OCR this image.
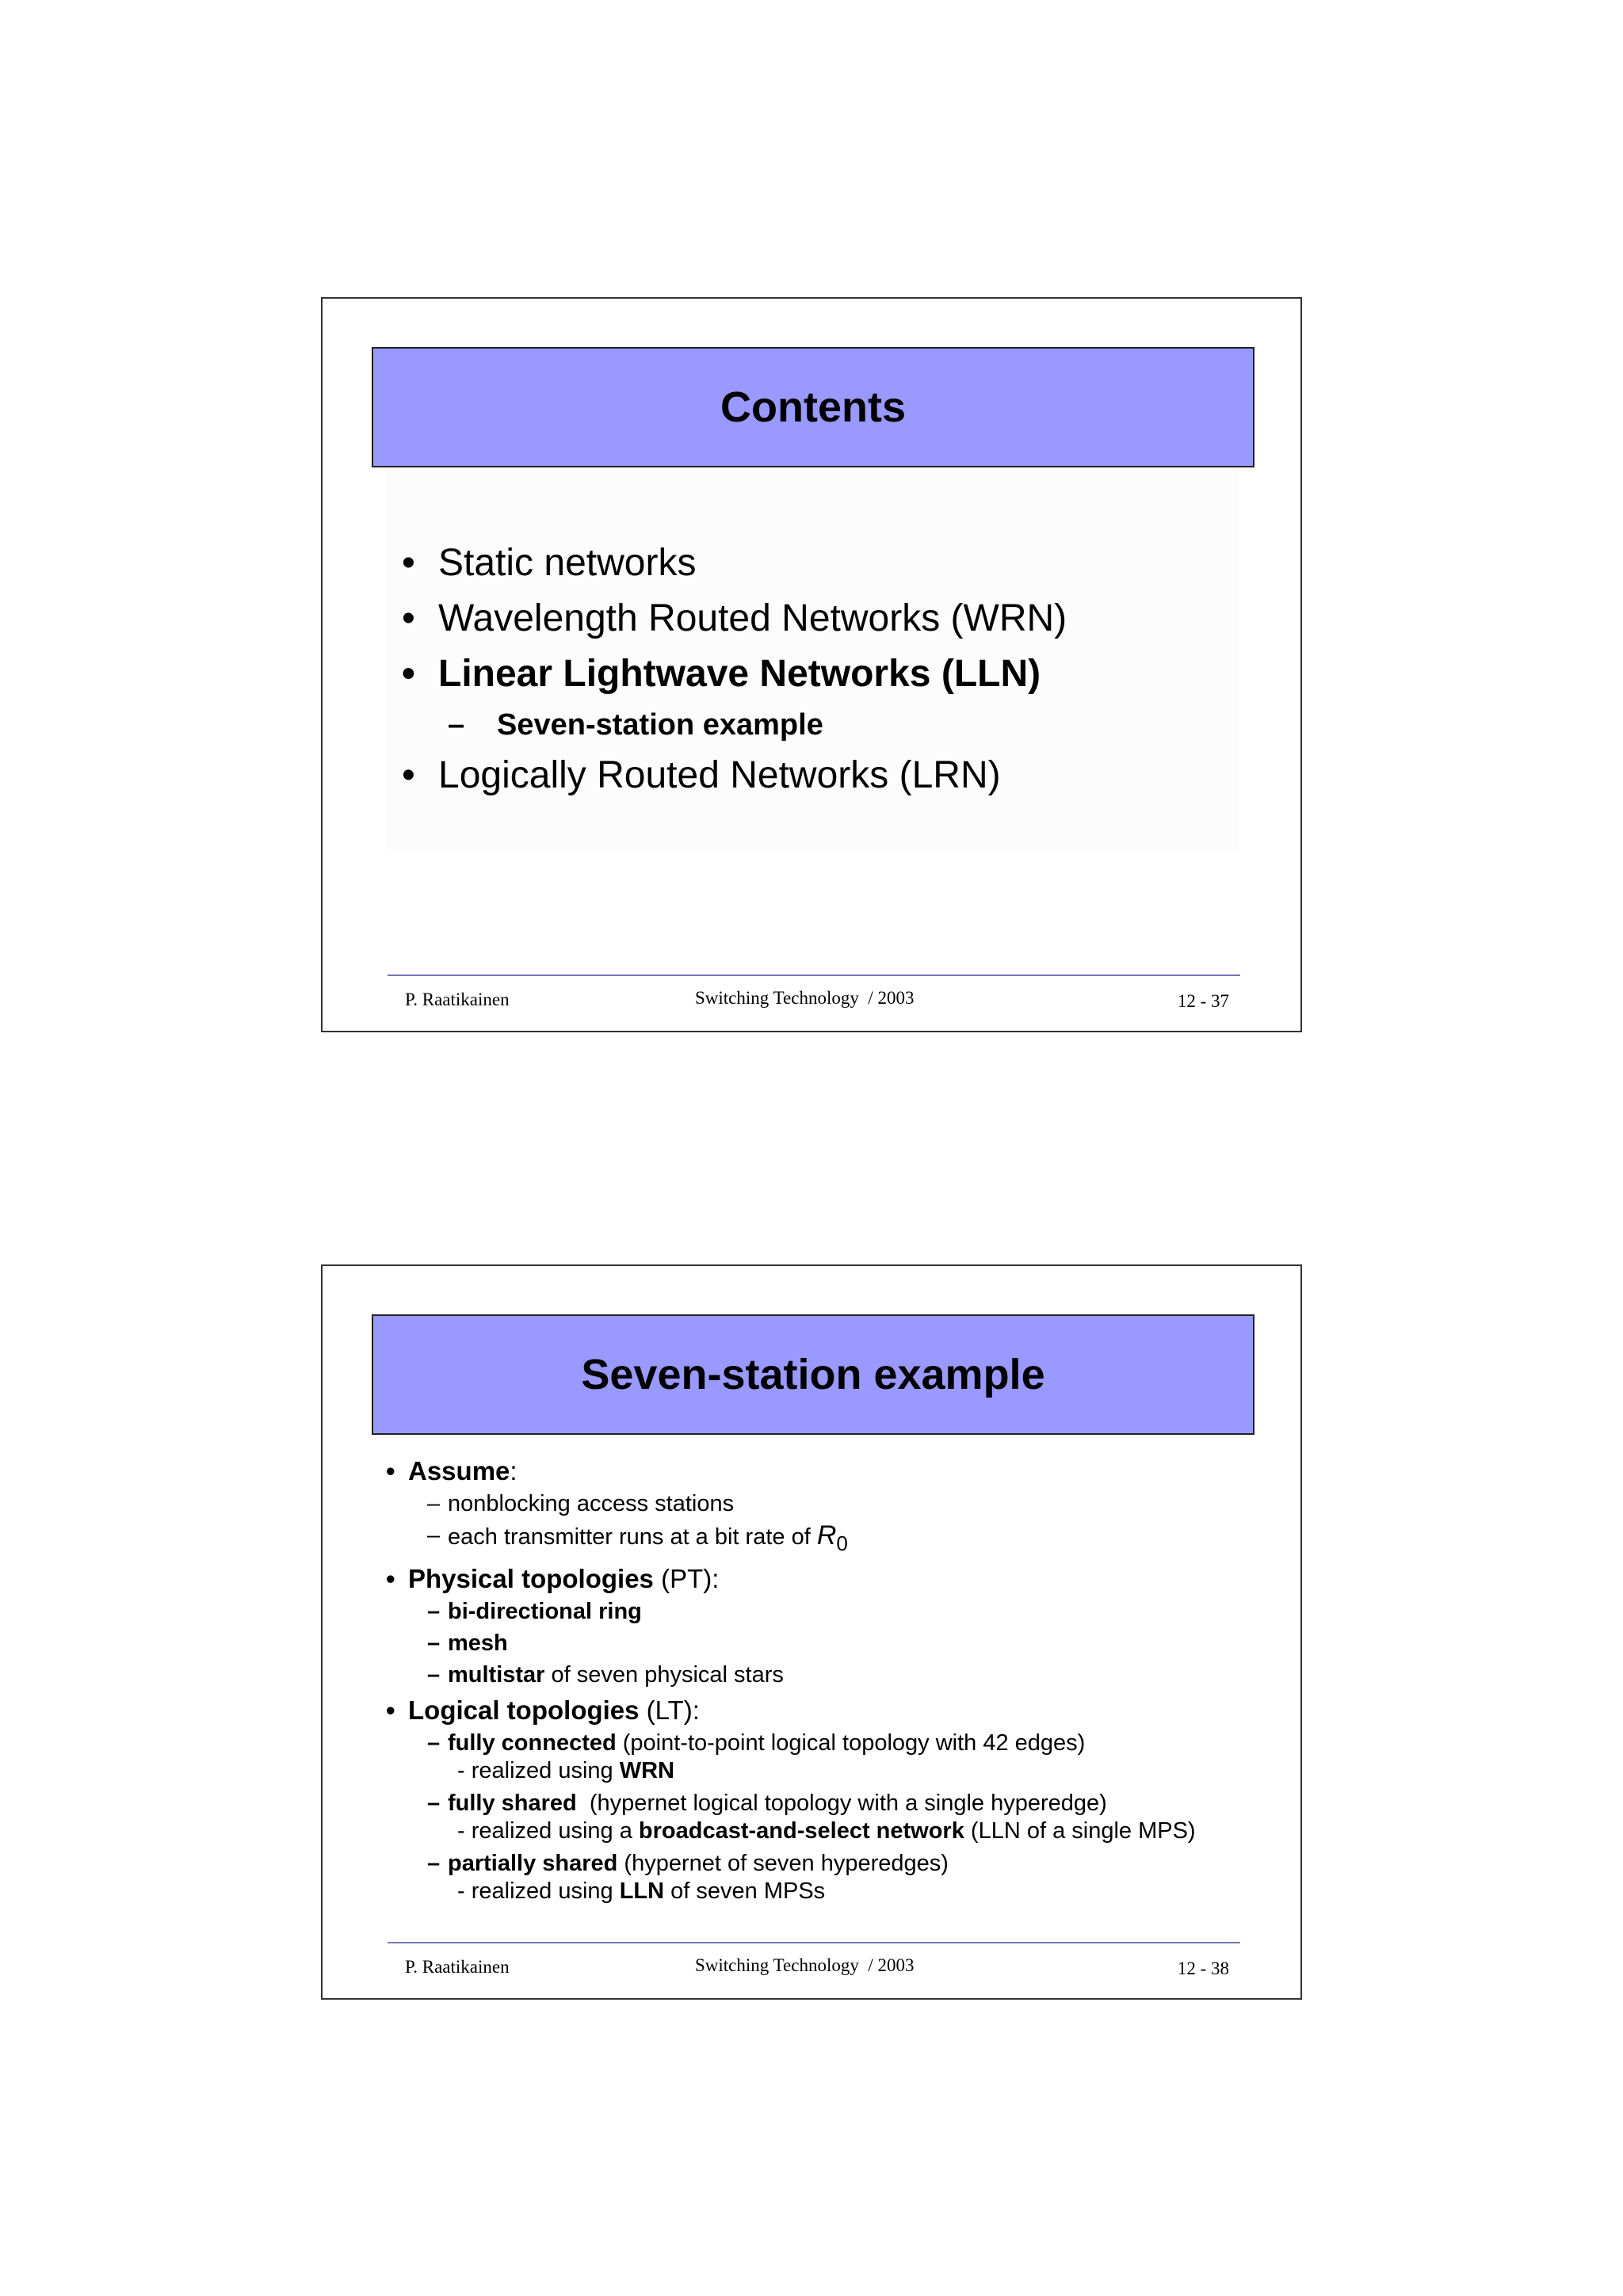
Contents
• Static networks
• Wavelength Routed Networks (WRN)
• Linear Lightwave Networks (LLN)
– Seven-station example
• Logically Routed Networks (LRN)
P. Raatikainen	Switching Technology  / 2003	12 - 37
Seven-station example
• Assume:
– nonblocking access stations
– each transmitter runs at a bit rate of $R_0$
• Physical topologies (PT):
– bi-directional ring
– mesh
– multistar of seven physical stars
• Logical topologies (LT):
– fully connected (point-to-point logical topology with 42 edges)
- realized using WRN
– fully shared  (hypernet logical topology with a single hyperedge)
- realized using a broadcast-and-select network (LLN of a single MPS)
– partially shared (hypernet of seven hyperedges)
- realized using LLN of seven MPSs
P. Raatikainen	Switching Technology  / 2003	12 - 38
